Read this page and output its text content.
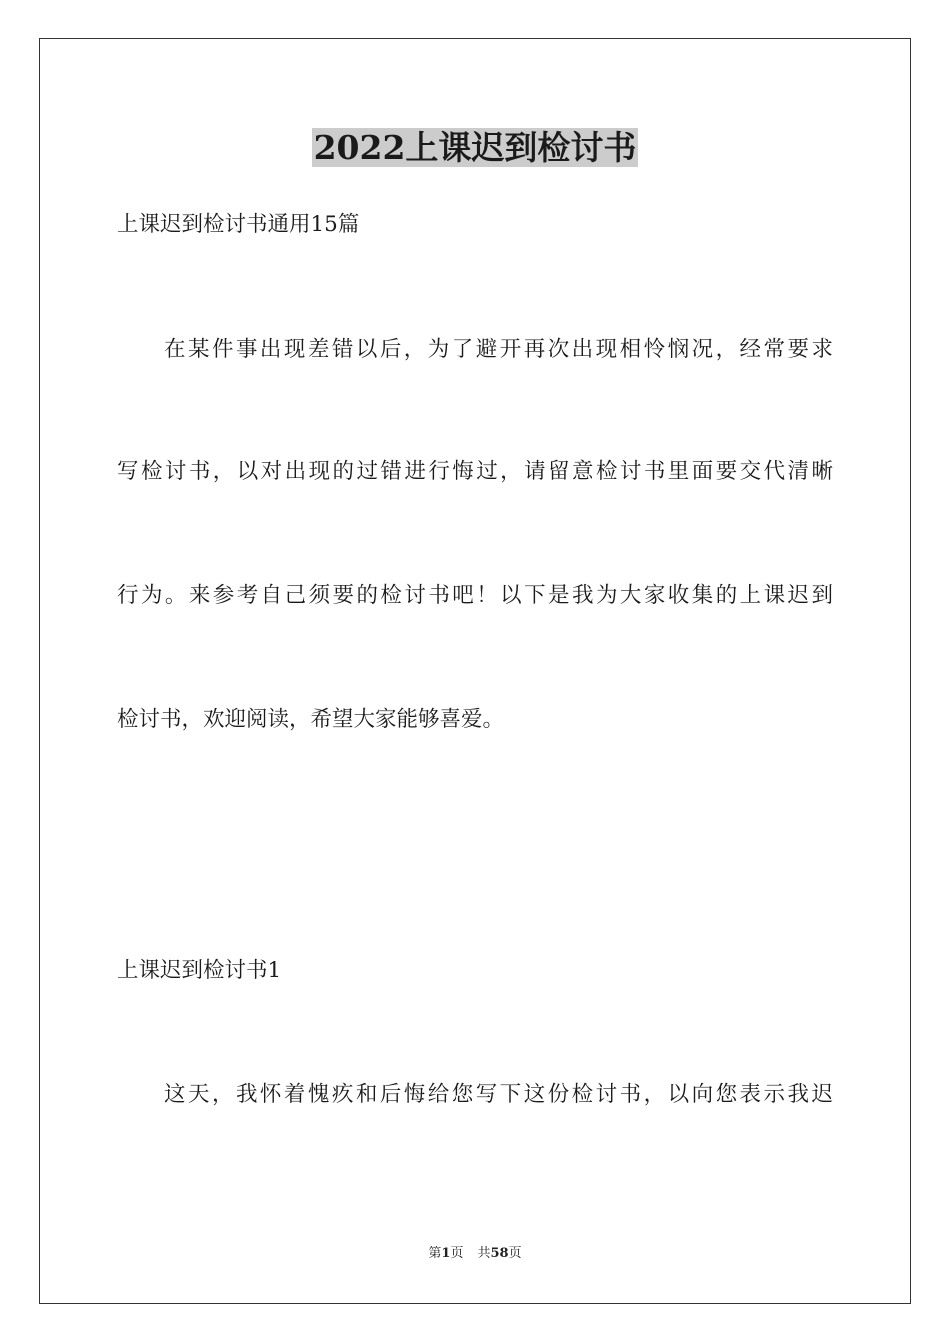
2022上课迟到检讨书
上课迟到检讨书通用15篇
在某件事出现差错以后，为了避开再次出现相怜悯况，经常要求
写检讨书，以对出现的过错进行悔过，请留意检讨书里面要交代清晰
行为。来参考自己须要的检讨书吧！以下是我为大家收集的上课迟到
检讨书，欢迎阅读，希望大家能够喜爱。
上课迟到检讨书1
这天，我怀着愧疚和后悔给您写下这份检讨书，以向您表示我迟
第1页 共58页
